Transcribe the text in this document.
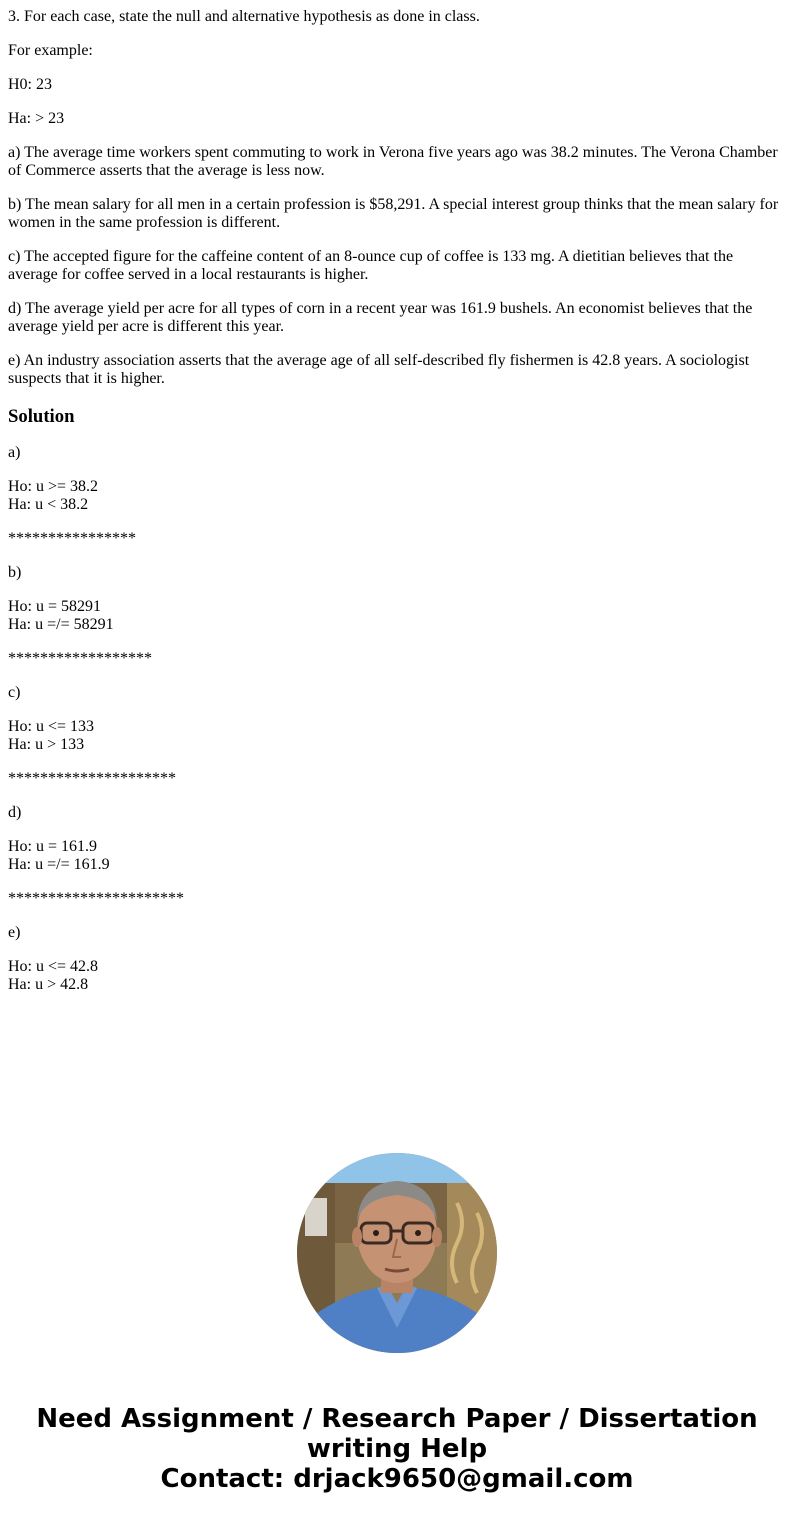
3. For each case, state the null and alternative hypothesis as done in class.

For example:

H0: 23

Ha: > 23

a) The average time workers spent commuting to work in Verona five years ago was 38.2 minutes. The Verona Chamber of Commerce asserts that the average is less now.

b) The mean salary for all men in a certain profession is $58,291. A special interest group thinks that the mean salary for women in the same profession is different.

c) The accepted figure for the caffeine content of an 8-ounce cup of coffee is 133 mg. A dietitian believes that the average for coffee served in a local restaurants is higher.

d) The average yield per acre for all types of corn in a recent year was 161.9 bushels. An economist believes that the average yield per acre is different this year.

e) An industry association asserts that the average age of all self-described fly fishermen is 42.8 years. A sociologist suspects that it is higher.

Solution

a)

Ho: u >= 38.2
Ha: u < 38.2

****************

b)

Ho: u = 58291
Ha: u =/= 58291

******************

c)

Ho: u <= 133
Ha: u > 133

*********************

d)

Ho: u = 161.9
Ha: u =/= 161.9

**********************

e)

Ho: u <= 42.8
Ha: u > 42.8

Need Assignment / Research Paper / Dissertation
writing Help
Contact: drjack9650@gmail.com
